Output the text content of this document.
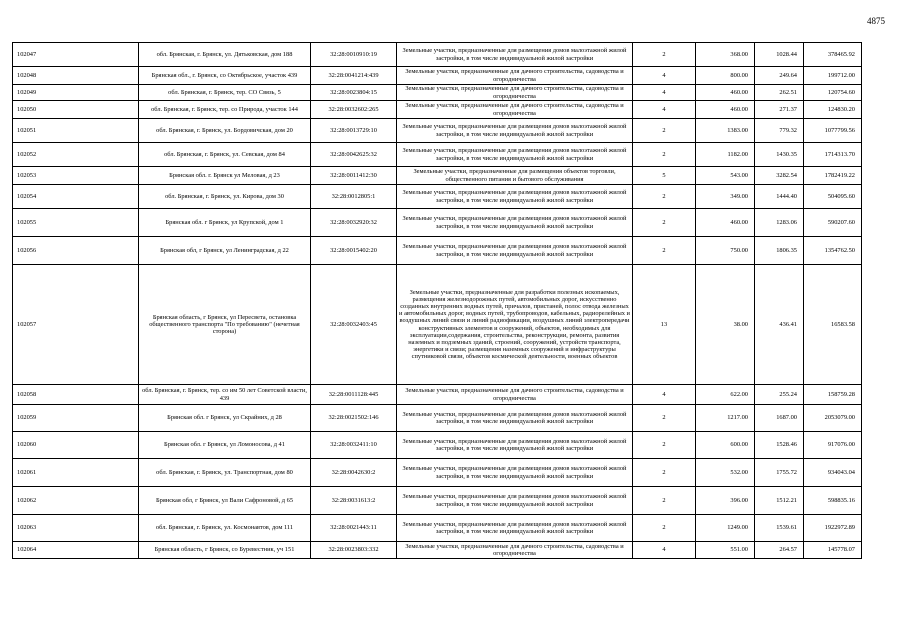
4875
102047	обл. Брянская, г. Брянск, ул. Дятьковская, дом 188	32:28:0010910:19	Земельные участки, предназначенные для размещения домов малоэтажной жилой застройки, в том числе индивидуальной жилой застройки	2	368.00	1028.44	378465.92
102048	Брянская обл., г. Брянск, со Октябрьское, участок 439	32:28:0041214:439	Земельные участки, предназначенные для дачного строительства, садоводства и огородничества	4	800.00	249.64	199712.00
102049	обл. Брянская, г. Брянск, тер. СО Связь, 5	32:28:0023804:15	Земельные участки, предназначенные для дачного строительства, садоводства и огородничества	4	460.00	262.51	120754.60
102050	обл. Брянская, г. Брянск, тер. со Природа, участок 144	32:28:0032602:265	Земельные участки, предназначенные для дачного строительства, садоводства и огородничества	4	460.00	271.37	124830.20
102051	обл. Брянская, г. Брянск, ул. Бордовичская, дом 20	32:28:0013729:10	Земельные участки, предназначенные для размещения домов малоэтажной жилой застройки, в том числе индивидуальной жилой застройки	2	1383.00	779.32	1077799.56
102052	обл. Брянская, г. Брянск, ул. Севская, дом 84	32:28:0042625:32	Земельные участки, предназначенные для размещения домов малоэтажной жилой застройки, в том числе индивидуальной жилой застройки	2	1182.00	1430.35	1714313.70
102053	Брянская обл. г. Брянск ул Меловая, д 23	32:28:0011412:30	Земельные участки, предназначенные для размещения объектов торговли, общественного питания и бытового обслуживания	5	543.00	3282.54	1782419.22
102054	обл. Брянская, г. Брянск, ул. Кирова, дом 30	32:28:0012805:1	Земельные участки, предназначенные для размещения домов малоэтажной жилой застройки, в том числе индивидуальной жилой застройки	2	349.00	1444.40	504095.60
102055	Брянская обл. г Брянск, ул Крупской, дом 1	32:28:0032920:32	Земельные участки, предназначенные для размещения домов малоэтажной жилой застройки, в том числе индивидуальной жилой застройки	2	460.00	1283.06	590207.60
102056	Брянская обл, г Брянск, ул Ленинградская, д 22	32:28:0015402:20	Земельные участки, предназначенные для размещения домов малоэтажной жилой застройки, в том числе индивидуальной жилой застройки	2	750.00	1806.35	1354762.50
102057	Брянская область, г Брянск, ул Пересвета, остановка общественного транспорта "По требованию" (нечетная сторона)	32:28:0032403:45	Земельные участки, предназначенные для разработки полезных ископаемых, размещения железнодорожных путей, автомобильных дорог, искусственно созданных внутренних водных путей, причалов, пристаней, полос отвода железных и автомобильных дорог, водных путей, трубопроводов, кабельных, радиорелейных и воздушных линий связи и линий радиофикации, воздушных линий электропередачи конструктивных элементов и сооружений, объектов, необходимых для эксплуатации,содержания, строительства, реконструкции, ремонта, развития наземных и подземных зданий, строений, сооружений, устройств транспорта, энергетики и связи; размещения наземных сооружений и инфраструктуры спутниковой связи, объектов космической деятельности, военных объектов	13	38.00	436.41	16583.58
102058	обл. Брянская, г. Брянск, тер. со им 50 лет Советской власти, 439	32:28:0011128:445	Земельные участки, предназначенные для дачного строительства, садоводства и огородничества	4	622.00	255.24	158759.28
102059	Брянская обл. г Брянск, ул Скрайних, д 28	32:28:0021502:146	Земельные участки, предназначенные для размещения домов малоэтажной жилой застройки, в том числе индивидуальной жилой застройки	2	1217.00	1687.00	2053079.00
102060	Брянская обл. г Брянск, ул Ломоносова, д 41	32:28:0032411:10	Земельные участки, предназначенные для размещения домов малоэтажной жилой застройки, в том числе индивидуальной жилой застройки	2	600.00	1528.46	917076.00
102061	обл. Брянская, г. Брянск, ул. Транспортная, дом 80	32:28:0042630:2	Земельные участки, предназначенные для размещения домов малоэтажной жилой застройки, в том числе индивидуальной жилой застройки	2	532.00	1755.72	934043.04
102062	Брянская обл, г Брянск, ул Вали Сафроновой, д 65	32:28:0031613:2	Земельные участки, предназначенные для размещения домов малоэтажной жилой застройки, в том числе индивидуальной жилой застройки	2	396.00	1512.21	598835.16
102063	обл. Брянская, г. Брянск, ул. Космонавтов, дом 111	32:28:0021443:11	Земельные участки, предназначенные для размещения домов малоэтажной жилой застройки, в том числе индивидуальной жилой застройки	2	1249.00	1539.61	1922972.89
102064	Брянская область, г Брянск, со Буревестник, уч 151	32:28:0023803:332	Земельные участки, предназначенные для дачного строительства, садоводства и огородничества	4	551.00	264.57	145778.07
